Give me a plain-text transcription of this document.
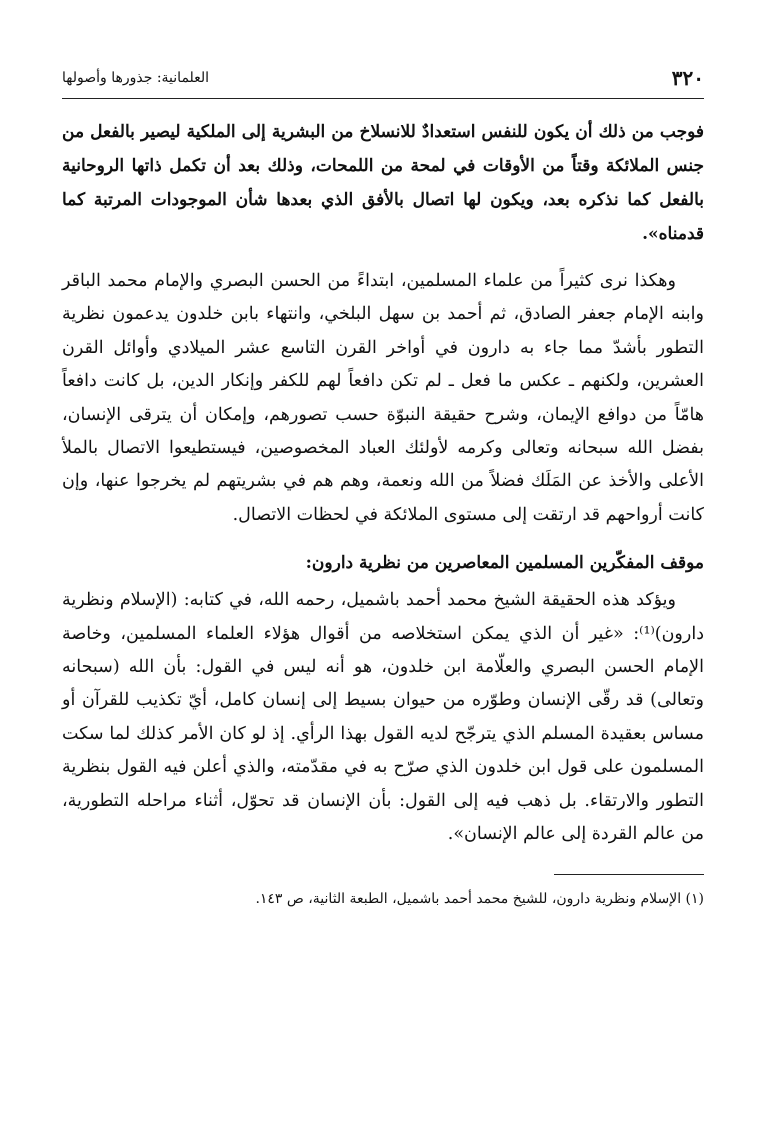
٣٢٠
العلمانية: جذورها وأصولها

فوجب من ذلك أن يكون للنفس استعدادٌ للانسلاخ من البشرية إلى الملكية ليصير بالفعل من جنس الملائكة وقتاً من الأوقات في لمحة من اللمحات، وذلك بعد أن تكمل ذاتها الروحانية بالفعل كما نذكره بعد، ويكون لها اتصال بالأفق الذي بعدها شأن الموجودات المرتبة كما قدمناه».

وهكذا نرى كثيراً من علماء المسلمين، ابتداءً من الحسن البصري والإمام محمد الباقر وابنه الإمام جعفر الصادق، ثم أحمد بن سهل البلخي، وانتهاء بابن خلدون يدعمون نظرية التطور بأشدّ مما جاء به دارون في أواخر القرن التاسع عشر الميلادي وأوائل القرن العشرين، ولكنهم ـ عكس ما فعل ـ لم تكن دافعاً لهم للكفر وإنكار الدين، بل كانت دافعاً هامّاً من دوافع الإيمان، وشرح حقيقة النبوّة حسب تصورهم، وإمكان أن يترقى الإنسان، بفضل الله سبحانه وتعالى وكرمه لأولئك العباد المخصوصين، فيستطيعوا الاتصال بالملأ الأعلى والأخذ عن المَلَك فضلاً من الله ونعمة، وهم هم في بشريتهم لم يخرجوا عنها، وإن كانت أرواحهم قد ارتقت إلى مستوى الملائكة في لحظات الاتصال.

موقف المفكّرين المسلمين المعاصرين من نظرية دارون:

ويؤكد هذه الحقيقة الشيخ محمد أحمد باشميل، رحمه الله، في كتابه: (الإسلام ونظرية دارون)⁽¹⁾: «غير أن الذي يمكن استخلاصه من أقوال هؤلاء العلماء المسلمين، وخاصة الإمام الحسن البصري والعلّامة ابن خلدون، هو أنه ليس في القول: بأن الله (سبحانه وتعالى) قد رقّى الإنسان وطوّره من حيوان بسيط إلى إنسان كامل، أيّ تكذيب للقرآن أو مساس بعقيدة المسلم الذي يترجّح لديه القول بهذا الرأي. إذ لو كان الأمر كذلك لما سكت المسلمون على قول ابن خلدون الذي صرّح به في مقدّمته، والذي أعلن فيه القول بنظرية التطور والارتقاء. بل ذهب فيه إلى القول: بأن الإنسان قد تحوّل، أثناء مراحله التطورية، من عالم القردة إلى عالم الإنسان».

(١) الإسلام ونظرية دارون، للشيخ محمد أحمد باشميل، الطبعة الثانية، ص ١٤٣.
